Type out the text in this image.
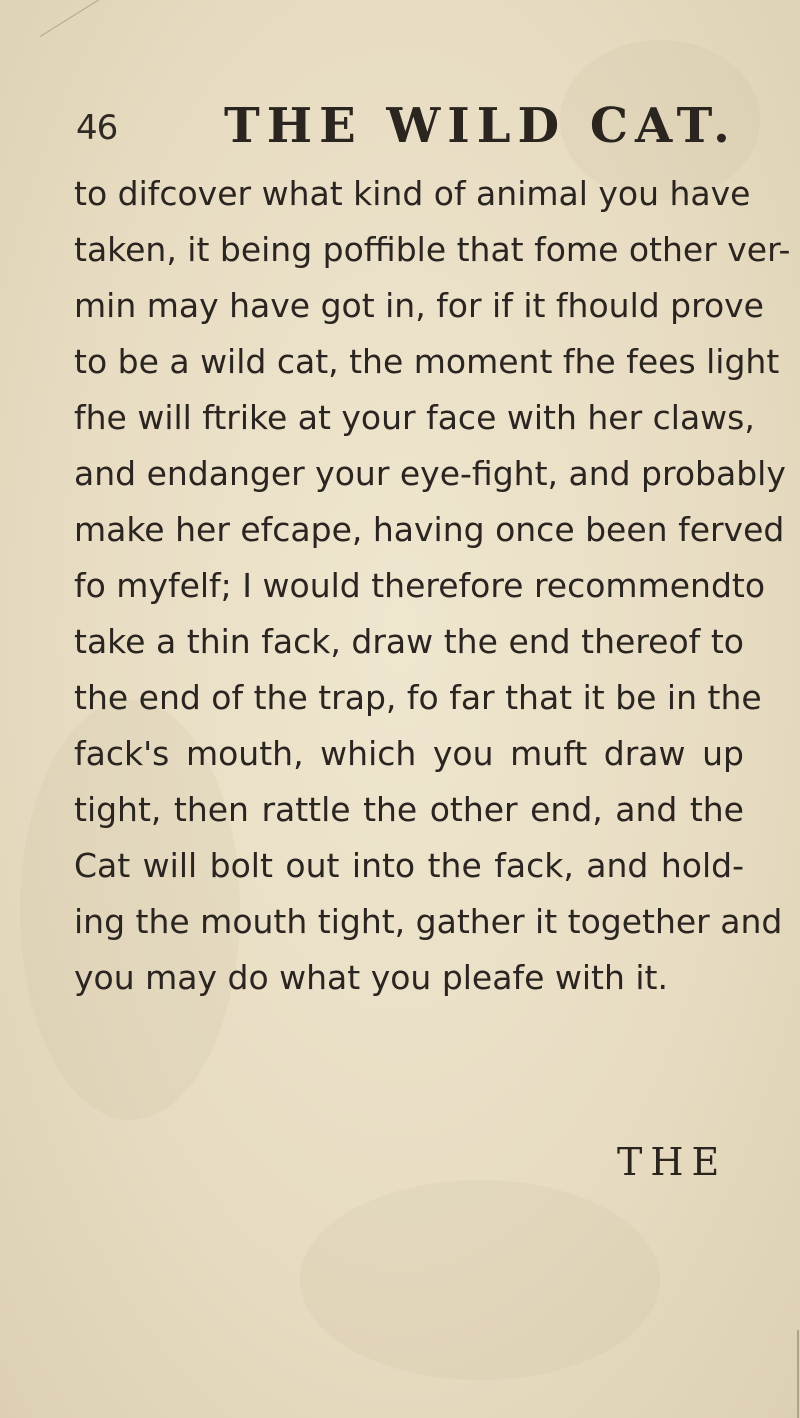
46 THE WILD CAT.
to difcover what kind of animal you have
taken, it being poffible that fome other ver-
min may have got in, for if it fhould prove
to be a wild cat, the moment fhe fees light
fhe will ftrike at your face with her claws,
and endanger your eye-fight, and probably
make her efcape, having once been ferved
fo myfelf; I would therefore recommendto
take a thin fack, draw the end thereof to
the end of the trap, fo far that it be in the
fack's mouth, which you muft draw up
tight, then rattle the other end, and the
Cat will bolt out into the fack, and hold-
ing the mouth tight, gather it together and
you may do what you pleafe with it.
THE
